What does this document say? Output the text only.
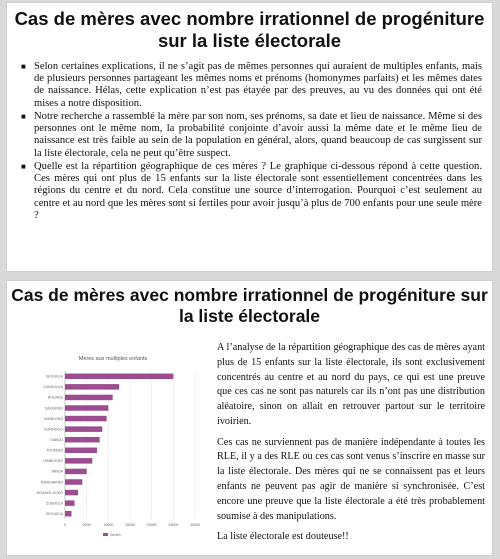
Cas de mères avec nombre irrationnel de progéniture sur la liste électorale
■ Selon certaines explications, il ne s’agit pas de mêmes personnes qui auraient de multiples enfants, mais de plusieurs personnes partageant les mêmes noms et prénoms (homonymes parfaits) et les mêmes dates de naissance. Hélas, cette explication n’est pas étayée par des preuves, au vu des données qui ont été mises a notre disposition.
■ Notre recherche a rassemblé la mère par son nom, ses prénoms, sa date et lieu de naissance. Même si des personnes ont le même nom, la probabilité conjointe d’avoir aussi la même date et le même lieu de naissance est très faible au sein de la population en général, alors, quand beaucoup de cas surgissent sur la liste électorale, cela ne peut qu’être suspect.
■ Quelle est la répartition géographique de ces mères ? Le graphique ci-dessous répond à cette question. Ces mères qui ont plus de 15 enfants sur la liste électorale sont essentiellement concentrées dans les régions du centre et du nord. Cela constitue une source d’interrogation. Pourquoi c’est seulement au centre et au nord que les mères sont si fertiles pour avoir jusqu’à plus de 700 enfants pour une seule mère ?
Cas de mères avec nombre irrationnel de progéniture sur la liste électorale
Meres aux multiples enfants
0	5000	10000	15000	20000	25000	30000
SEGUELA
ZUENOULA
BOUAKE
DAOUKRO
MANKONO
KORHOGO
DABOU
TOUMODI
DIMBOKRO
TANDA
M'BAHIAKRO
BOUAKE-KOKO
ZUENOLA
SEGUELA
Série1

A l’analyse de la répartition géographique des cas de mères ayant plus de 15 enfants sur la liste électorale, ils sont exclusivement concentrés au centre et au nord du pays, ce qui est une preuve que ces cas ne sont pas naturels car ils n’ont pas une distribution aléatoire, sinon on allait en retrouver partout sur le territoire ivoirien.

Ces cas ne surviennent pas de manière indépendante à toutes les RLE, il y a des RLE ou ces cas sont venus s’inscrire en masse sur la liste électorale. Des mères qui ne se connaissent pas et leurs enfants ne peuvent pas agir de manière si synchronisée. C’est encore une preuve que la liste électorale a été très probablement soumise à des manipulations.

La liste électorale est douteuse!!
